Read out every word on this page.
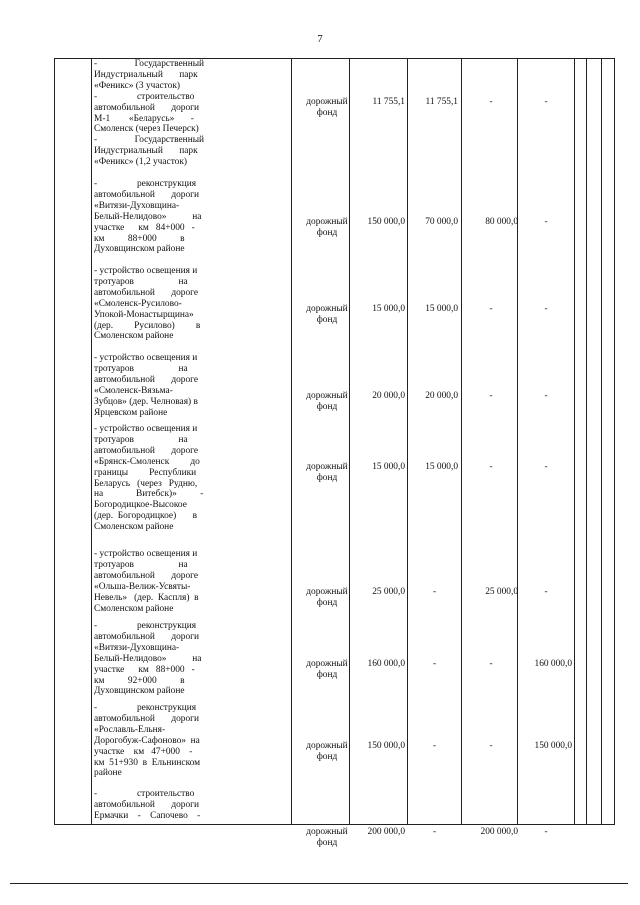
7
-                Государственный
Индустриальный       парк
«Феникс» (3 участок)
-                 строительство
автомобильной       дороги
М-1        «Беларусь»       -
Смоленск (через Печерск)
-                Государственный
Индустриальный       парк
«Феникс» (1,2 участок)
дорожный фонд
11 755,1	11 755,1	-	-
-                 реконструкция
автомобильной       дороги
«Витязи-Духовщина-
Белый-Нелидово»           на
участке      км   84+000   -
км          88+000          в
Духовщинском районе
дорожный фонд
150 000,0	70 000,0	80 000,0	-
- устройство освещения и
тротуаров                   на
автомобильной       дороге
«Смоленск-Русилово-
Упокой-Монастырщина»
(дер.         Русилово)         в
Смоленском районе
дорожный фонд
15 000,0	15 000,0	-	-
- устройство освещения и
тротуаров                   на
автомобильной       дороге
«Смоленск-Вязьма-
Зубцов» (дер. Челновая) в
Ярцевском районе
дорожный фонд
20 000,0	20 000,0	-	-
- устройство освещения и
тротуаров                   на
автомобильной       дороге
«Брянск-Смоленск         до
границы         Республики
Беларусь   (через   Рудню,
на              Витебск)»          -
Богородицкое-Высокое
(дер.  Богородицкое)       в
Смоленском районе
дорожный фонд
15 000,0	15 000,0	-	-
- устройство освещения и
тротуаров                   на
автомобильной       дороге
«Ольша-Велиж-Усвяты-
Невель»   (дер.  Каспля)  в
Смоленском районе
дорожный фонд
25 000,0	-	25 000,0	-
-                 реконструкция
автомобильной       дороги
«Витязи-Духовщина-
Белый-Нелидово»           на
участке      км   88+000   -
км          92+000          в
Духовщинском районе
дорожный фонд
160 000,0	-	-	160 000,0
-                 реконструкция
автомобильной       дороги
«Рославль-Ельня-
Дорогобуж-Сафоново»  на
участке    км   47+000    -
км  51+930  в  Ельнинском
районе
дорожный фонд
150 000,0	-	-	150 000,0
-                 строительство
автомобильной       дороги
Ермачки    -    Сапочево    -
дорожный фонд
200 000,0	-	200 000,0	-
